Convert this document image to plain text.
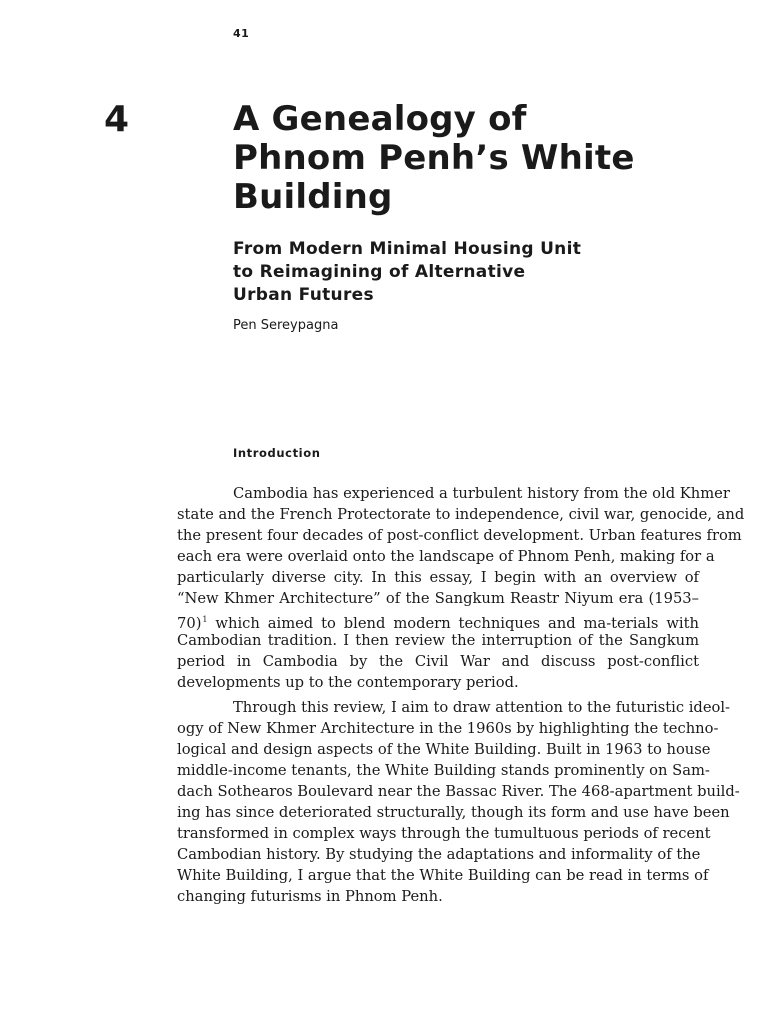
41
4	A Genealogy of
Phnom Penh’s White
Building
From Modern Minimal Housing Unit
to Reimagining of Alternative
Urban Futures
Pen Sereypagna
Introduction

Cambodia has experienced a turbulent history from the old Khmer
state and the French Protectorate to independence, civil war, genocide, and
the present four decades of post-conflict development. Urban features from
each era were overlaid onto the landscape of Phnom Penh, making for a
particularly diverse city. In this essay, I begin with an overview of
“New Khmer Architecture” of the Sangkum Reastr Niyum era (1953–
70)$^1$ which aimed to blend modern techniques and ma-terials with
Cambodian tradition. I then review the interruption of the Sangkum
period in Cambodia by the Civil War and discuss post-conflict
developments up to the contemporary period.

Through this review, I aim to draw attention to the futuristic ideol-
ogy of New Khmer Architecture in the 1960s by highlighting the techno-
logical and design aspects of the White Building. Built in 1963 to house
middle-income tenants, the White Building stands prominently on Sam-
dach Sothearos Boulevard near the Bassac River. The 468-apartment build-
ing has since deteriorated structurally, though its form and use have been
transformed in complex ways through the tumultuous periods of recent
Cambodian history. By studying the adaptations and informality of the
White Building, I argue that the White Building can be read in terms of
changing futurisms in Phnom Penh.
